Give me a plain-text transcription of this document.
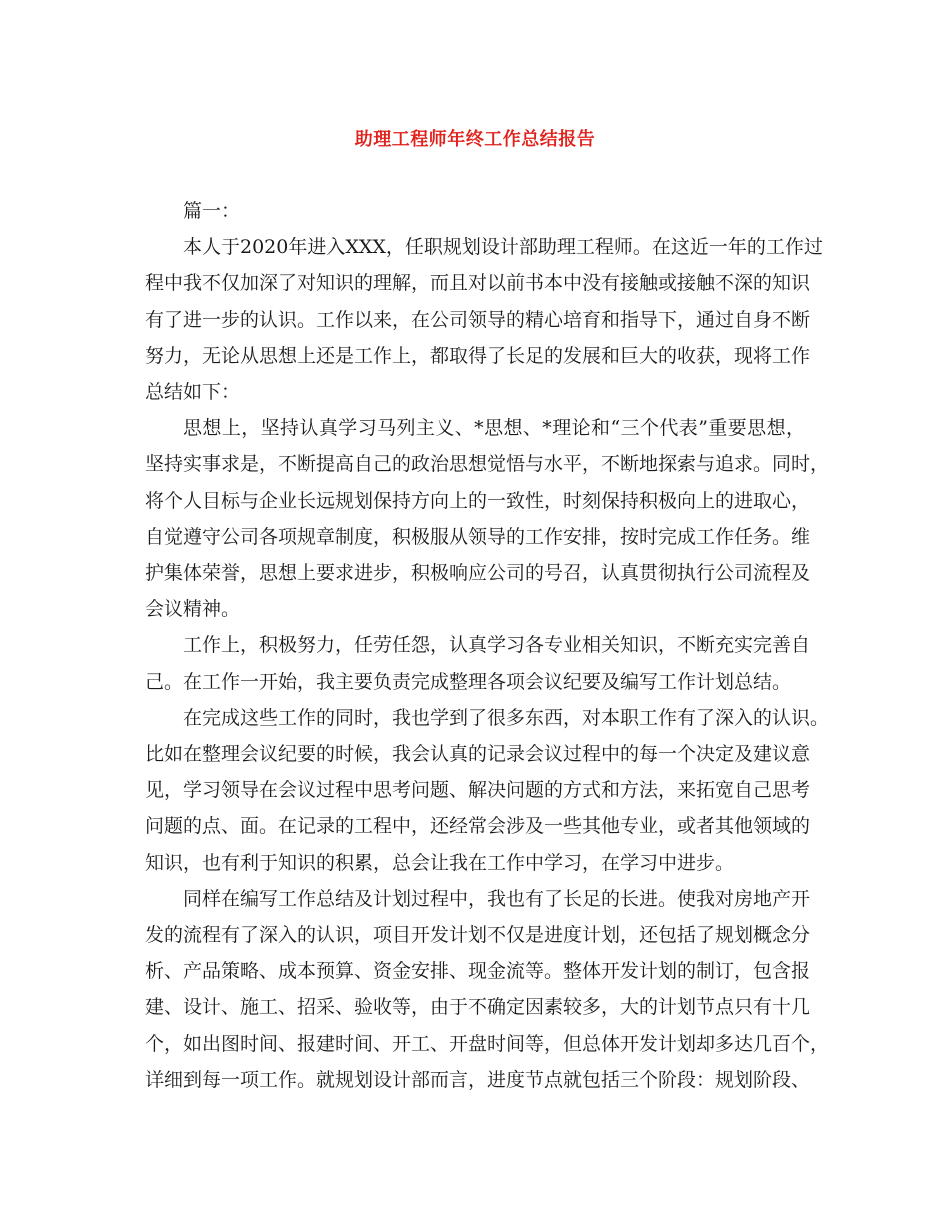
助理工程师年终工作总结报告

篇一：

本人于2020年进入XXX，任职规划设计部助理工程师。在这近一年的工作过
程中我不仅加深了对知识的理解，而且对以前书本中没有接触或接触不深的知识
有了进一步的认识。工作以来，在公司领导的精心培育和指导下，通过自身不断
努力，无论从思想上还是工作上，都取得了长足的发展和巨大的收获，现将工作
总结如下：
思想上，坚持认真学习马列主义、*思想、*理论和“三个代表”重要思想，
坚持实事求是，不断提高自己的政治思想觉悟与水平，不断地探索与追求。同时，
将个人目标与企业长远规划保持方向上的一致性，时刻保持积极向上的进取心，
自觉遵守公司各项规章制度，积极服从领导的工作安排，按时完成工作任务。维
护集体荣誉，思想上要求进步，积极响应公司的号召，认真贯彻执行公司流程及
会议精神。
工作上，积极努力，任劳任怨，认真学习各专业相关知识，不断充实完善自
己。在工作一开始，我主要负责完成整理各项会议纪要及编写工作计划总结。
在完成这些工作的同时，我也学到了很多东西，对本职工作有了深入的认识。
比如在整理会议纪要的时候，我会认真的记录会议过程中的每一个决定及建议意
见，学习领导在会议过程中思考问题、解决问题的方式和方法，来拓宽自己思考
问题的点、面。在记录的工程中，还经常会涉及一些其他专业，或者其他领域的
知识，也有利于知识的积累，总会让我在工作中学习，在学习中进步。
同样在编写工作总结及计划过程中，我也有了长足的长进。使我对房地产开
发的流程有了深入的认识，项目开发计划不仅是进度计划，还包括了规划概念分
析、产品策略、成本预算、资金安排、现金流等。整体开发计划的制订，包含报
建、设计、施工、招采、验收等，由于不确定因素较多，大的计划节点只有十几
个，如出图时间、报建时间、开工、开盘时间等，但总体开发计划却多达几百个，
详细到每一项工作。就规划设计部而言，进度节点就包括三个阶段：规划阶段、
